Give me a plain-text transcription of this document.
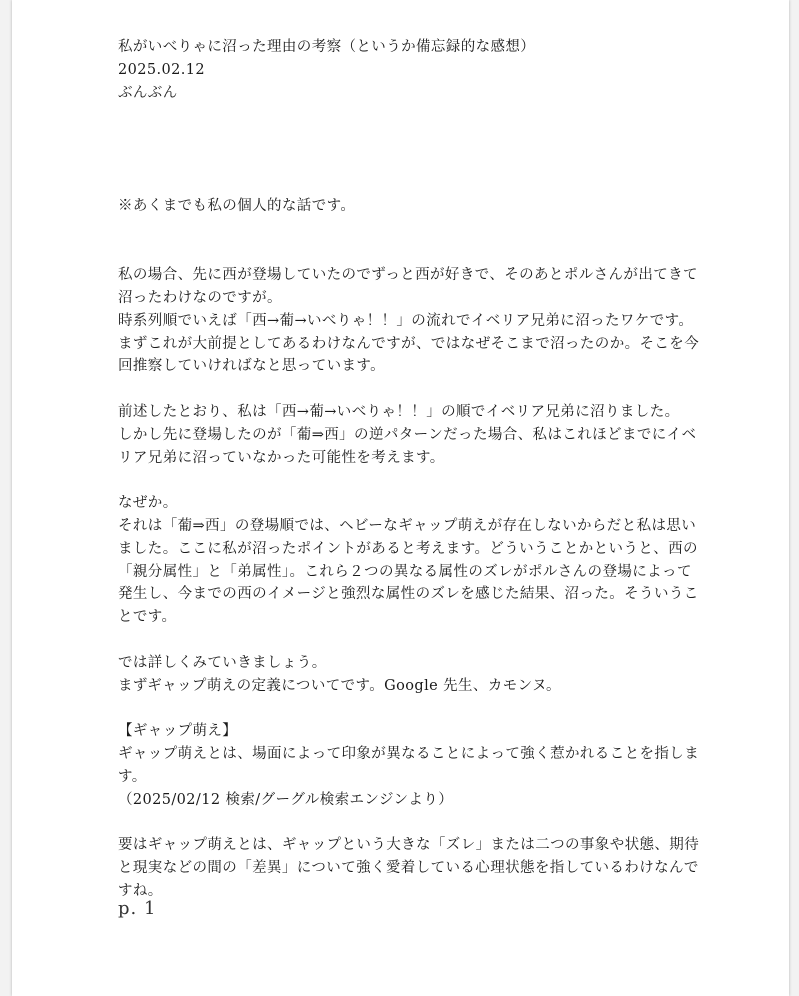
私がいべりゃに沼った理由の考察（というか備忘録的な感想）

2025.02.12

ぶんぶん

※あくまでも私の個人的な話です。

私の場合、先に西が登場していたのでずっと西が好きで、そのあとポルさんが出てきて沼ったわけなのですが。

時系列順でいえば「西→葡→いべりゃ！！」の流れでイベリア兄弟に沼ったワケです。

まずこれが大前提としてあるわけなんですが、ではなぜそこまで沼ったのか。そこを今回推察していければなと思っています。

前述したとおり、私は「西→葡→いべりゃ！！」の順でイベリア兄弟に沼りました。

しかし先に登場したのが「葡⇒西」の逆パターンだった場合、私はこれほどまでにイベリア兄弟に沼っていなかった可能性を考えます。

なぜか。

それは「葡⇒西」の登場順では、ヘビーなギャップ萌えが存在しないからだと私は思いました。ここに私が沼ったポイントがあると考えます。どういうことかというと、西の「親分属性」と「弟属性」。これら２つの異なる属性のズレがポルさんの登場によって発生し、今までの西のイメージと強烈な属性のズレを感じた結果、沼った。そういうことです。

では詳しくみていきましょう。

まずギャップ萌えの定義についてです。Google 先生、カモンヌ。

【ギャップ萌え】

ギャップ萌えとは、場面によって印象が異なることによって強く惹かれることを指します。

（2025/02/12 検索/グーグル検索エンジンより）

要はギャップ萌えとは、ギャップという大きな「ズレ」または二つの事象や状態、期待と現実などの間の「差異」について強く愛着している心理状態を指しているわけなんですね。

p. 1
